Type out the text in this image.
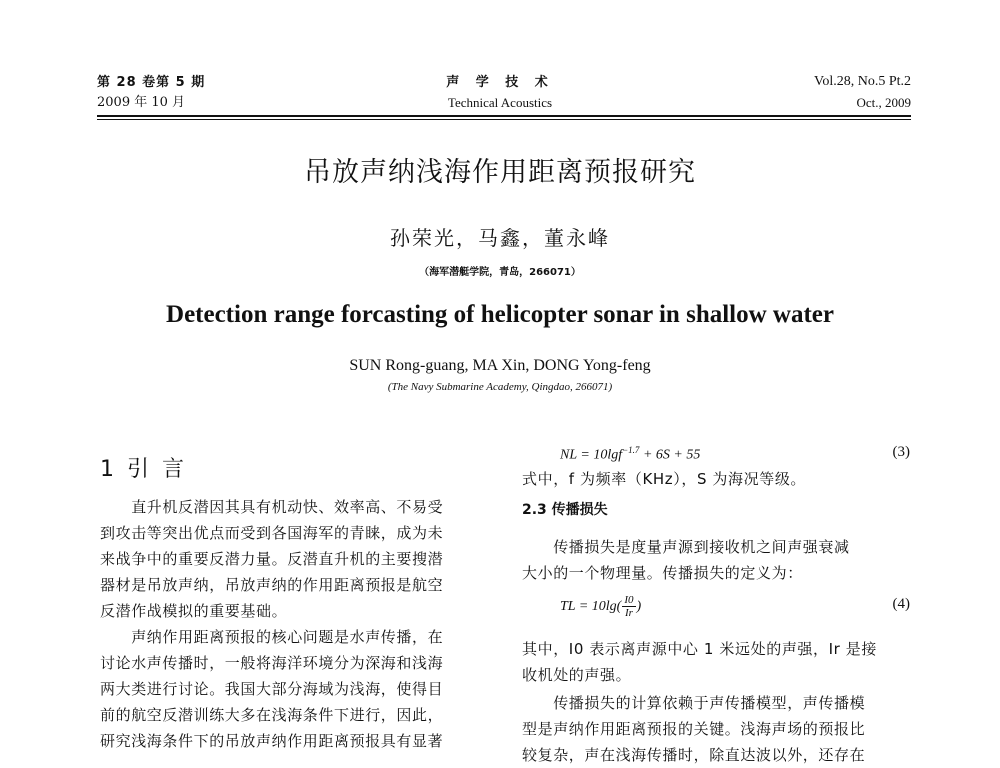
第 28 卷第 5 期
2009 年 10 月
声 学 技 术
Technical Acoustics
Vol.28, No.5 Pt.2
Oct., 2009
吊放声纳浅海作用距离预报研究
孙荣光，马鑫，董永峰
（海军潜艇学院，青岛，266071）
Detection range forcasting of helicopter sonar in shallow water
SUN Rong-guang, MA Xin, DONG Yong-feng
(The Navy Submarine Academy, Qingdao, 266071)
1 引 言
　　直升机反潜因其具有机动快、效率高、不易受
到攻击等突出优点而受到各国海军的青睐，成为未
来战争中的重要反潜力量。反潜直升机的主要搜潜
器材是吊放声纳，吊放声纳的作用距离预报是航空
反潜作战模拟的重要基础。
　　声纳作用距离预报的核心问题是水声传播，在
讨论水声传播时，一般将海洋环境分为深海和浅海
两大类进行讨论。我国大部分海域为浅海，使得目
前的航空反潜训练大多在浅海条件下进行，因此，
研究浅海条件下的吊放声纳作用距离预报具有显著
NL = 10lgf$^{-1.7}$ + 6S + 55	(3)
式中，f 为频率（KHz），S 为海况等级。
2.3 传播损失
　　传播损失是度量声源到接收机之间声强衰减
大小的一个物理量。传播损失的定义为：
TL = $10\lg( \frac{I0}{Ir}$ )	(4)
其中，I0 表示离声源中心 1 米远处的声强，Ir 是接
收机处的声强。
　　传播损失的计算依赖于声传播模型，声传播模
型是声纳作用距离预报的关键。浅海声场的预报比
较复杂，声在浅海传播时，除直达波以外，还存在
